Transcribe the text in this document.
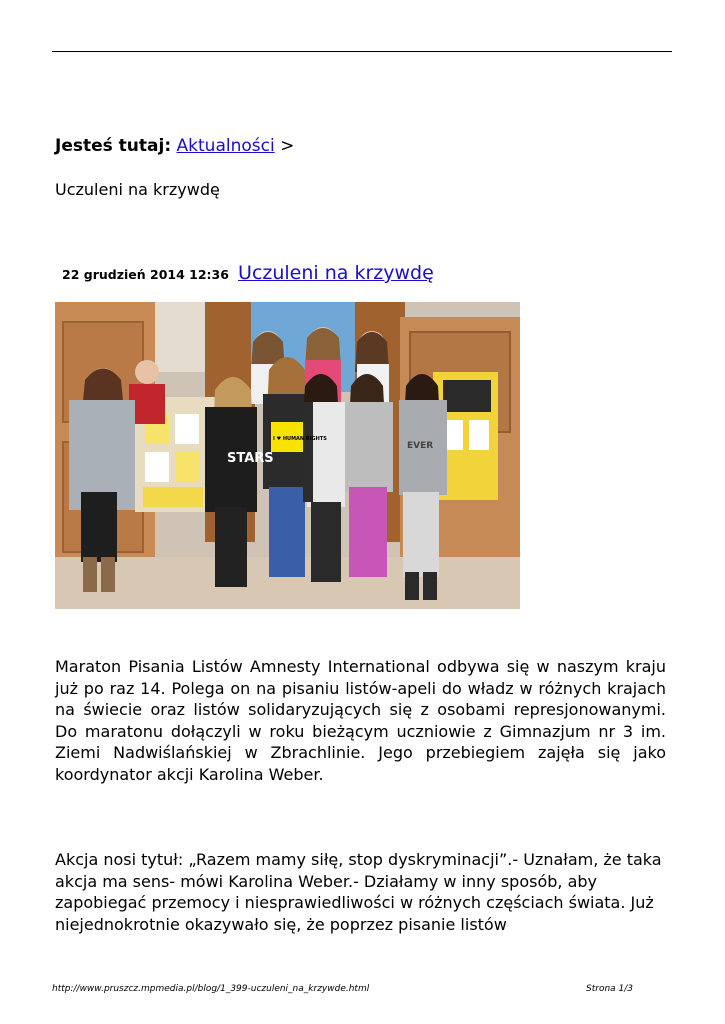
Jesteś tutaj: Aktualności >
Uczuleni na krzywdę
22 grudzień 2014 12:36 Uczuleni na krzywdę
STARS
I ♥ HUMAN RIGHTS
EVER

Maraton Pisania Listów Amnesty International odbywa się w naszym kraju już po raz 14. Polega on na pisaniu listów-apeli do władz w różnych krajach na świecie oraz listów solidaryzujących się z osobami represjonowanymi. Do maratonu dołączyli w roku bieżącym uczniowie z Gimnazjum nr 3 im. Ziemi Nadwiślańskiej w Zbrachlinie. Jego przebiegiem zajęła się jako koordynator akcji Karolina Weber.

Akcja nosi tytuł: „Razem mamy siłę, stop dyskryminacji”.- Uznałam, że taka akcja ma sens- mówi Karolina Weber.- Działamy w inny sposób, aby zapobiegać przemocy i niesprawiedliwości w różnych częściach świata. Już niejednokrotnie okazywało się, że poprzez pisanie listów

http://www.pruszcz.mpmedia.pl/blog/1_399-uczuleni_na_krzywde.html	Strona 1/3
